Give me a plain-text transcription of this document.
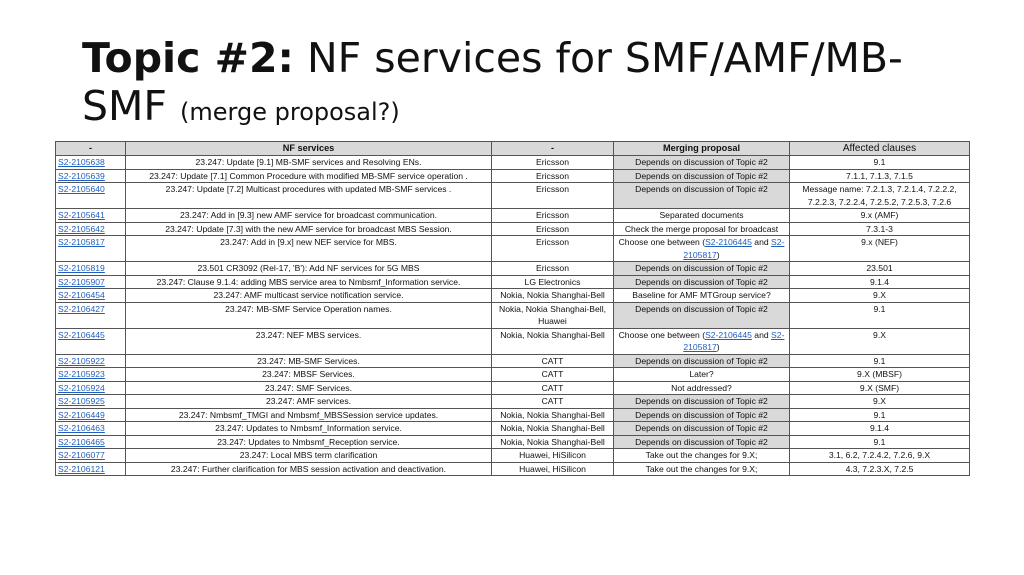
Topic #2: NF services for SMF/AMF/MB-SMF (merge proposal?)
-	NF services	-	Merging proposal	Affected clauses
S2-2105638	23.247: Update [9.1] MB-SMF services and Resolving ENs.	Ericsson	Depends on discussion of Topic #2	9.1
S2-2105639	23.247: Update [7.1] Common Procedure with modified MB-SMF service operation .	Ericsson	Depends on discussion of Topic #2	7.1.1, 7.1.3, 7.1.5
S2-2105640	23.247: Update [7.2] Multicast procedures with updated MB-SMF services .	Ericsson	Depends on discussion of Topic #2	Message name: 7.2.1.3, 7.2.1.4, 7.2.2.2, 7.2.2.3, 7.2.2.4, 7.2.5.2, 7.2.5.3, 7.2.6
S2-2105641	23.247: Add in [9.3] new AMF service for broadcast communication.	Ericsson	Separated documents	9.x (AMF)
S2-2105642	23.247: Update [7.3] with the new AMF service for broadcast MBS Session.	Ericsson	Check the merge proposal for broadcast	7.3.1-3
S2-2105817	23.247: Add in [9.x] new NEF service for MBS.	Ericsson	Choose one between (S2-2106445 and S2-2105817)	9.x (NEF)
S2-2105819	23.501 CR3092 (Rel-17, 'B'): Add NF services for 5G MBS	Ericsson	Depends on discussion of Topic #2	23.501
S2-2105907	23.247: Clause 9.1.4: adding MBS service area to Nmbsmf_Information service.	LG Electronics	Depends on discussion of Topic #2	9.1.4
S2-2106454	23.247: AMF multicast service notification service.	Nokia, Nokia Shanghai-Bell	Baseline for AMF MTGroup service?	9.X
S2-2106427	23.247: MB-SMF Service Operation names.	Nokia, Nokia Shanghai-Bell, Huawei	Depends on discussion of Topic #2	9.1
S2-2106445	23.247: NEF MBS services.	Nokia, Nokia Shanghai-Bell	Choose one between (S2-2106445 and S2-2105817)	9.X
S2-2105922	23.247: MB-SMF Services.	CATT	Depends on discussion of Topic #2	9.1
S2-2105923	23.247: MBSF Services.	CATT	Later?	9.X (MBSF)
S2-2105924	23.247: SMF Services.	CATT	Not addressed?	9.X (SMF)
S2-2105925	23.247: AMF services.	CATT	Depends on discussion of Topic #2	9.X
S2-2106449	23.247: Nmbsmf_TMGI and Nmbsmf_MBSSession service updates.	Nokia, Nokia Shanghai-Bell	Depends on discussion of Topic #2	9.1
S2-2106463	23.247: Updates to Nmbsmf_Information service.	Nokia, Nokia Shanghai-Bell	Depends on discussion of Topic #2	9.1.4
S2-2106465	23.247: Updates to Nmbsmf_Reception service.	Nokia, Nokia Shanghai-Bell	Depends on discussion of Topic #2	9.1
S2-2106077	23.247: Local MBS term clarification	Huawei, HiSilicon	Take out the changes for 9.X;	3.1, 6.2, 7.2.4.2, 7.2.6, 9.X
S2-2106121	23.247: Further clarification for MBS session activation and deactivation.	Huawei, HiSilicon	Take out the changes for 9.X;	4.3, 7.2.3.X, 7.2.5
